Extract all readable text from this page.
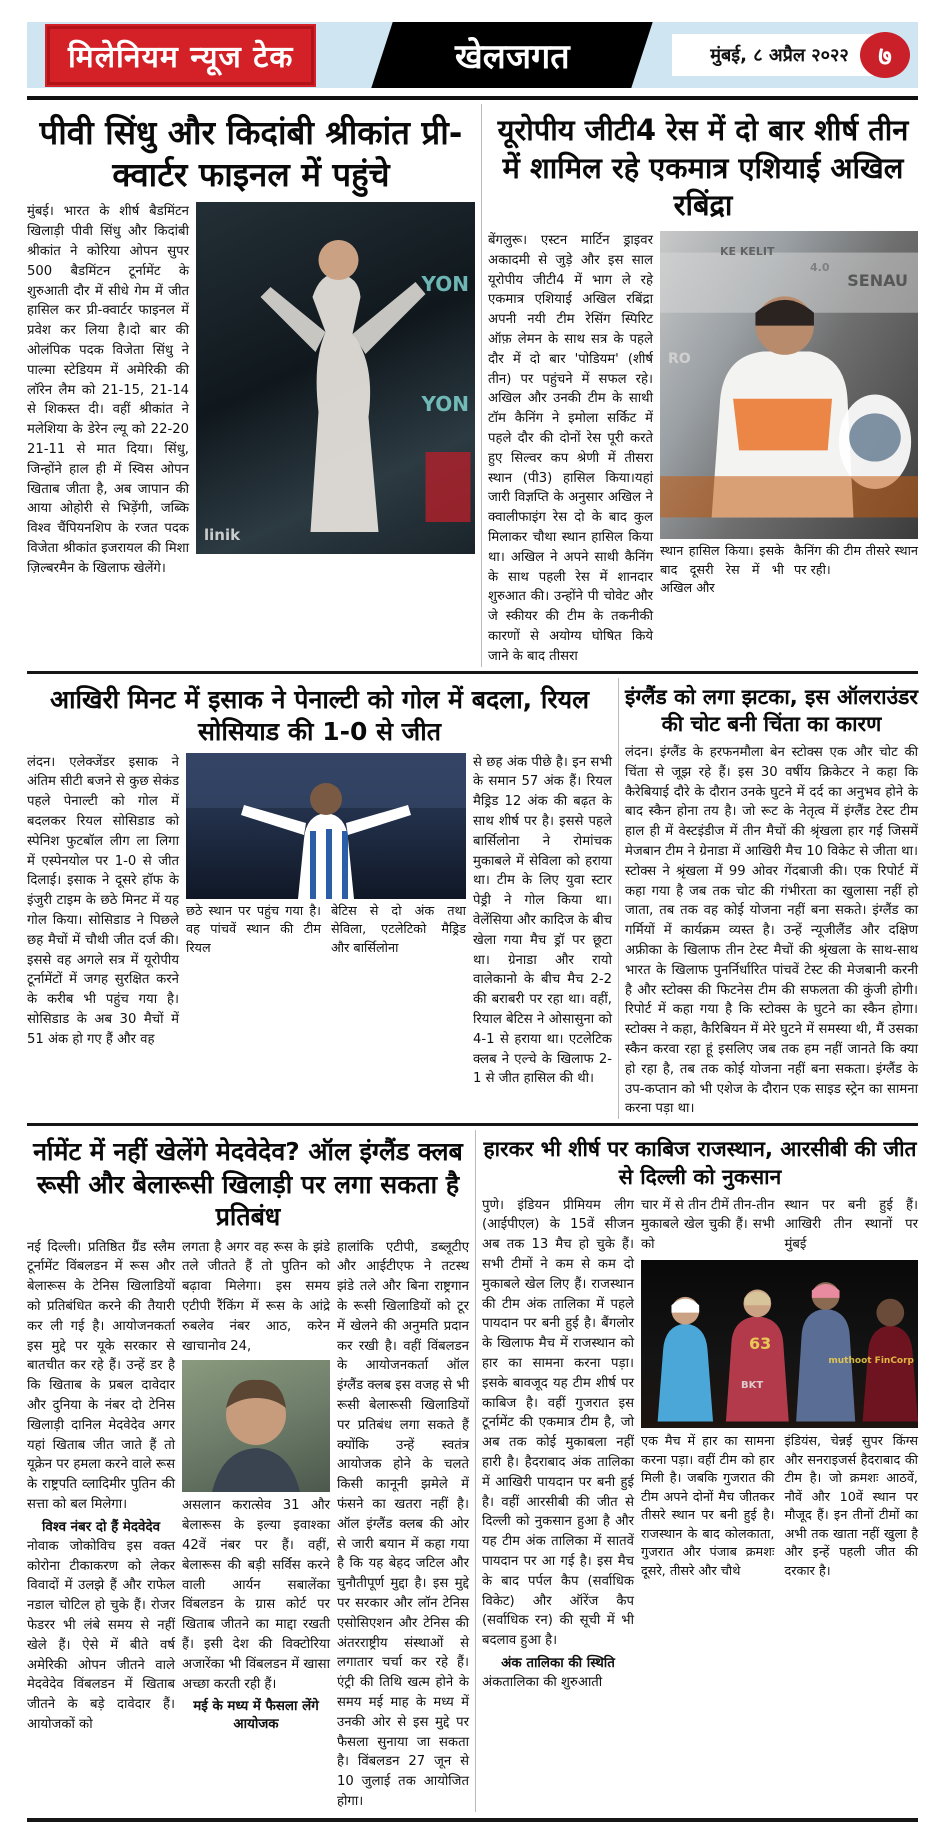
मिलेनियम न्यूज टेक	खेलजगत	मुंबई, ८ अप्रैल २०२२	७
पीवी सिंधु और किदांबी श्रीकांत प्री-क्वार्टर फाइनल में पहुंचे
मुंबई। भारत के शीर्ष बैडमिंटन खिलाड़ी पीवी सिंधु और किदांबी श्रीकांत ने कोरिया ओपन सुपर 500 बैडमिंटन टूर्नामेंट के शुरुआती दौर में सीधे गेम में जीत हासिल कर प्री-क्वार्टर फाइनल में प्रवेश कर लिया है।दो बार की ओलंपिक पदक विजेता सिंधु ने पाल्मा स्टेडियम में अमेरिकी की लॉरेन लैम को 21-15, 21-14 से शिकस्त दी। वहीं श्रीकांत ने मलेशिया के डेरेन ल्यू को 22-20 21-11 से मात दिया। सिंधु, जिन्होंने हाल ही में स्विस ओपन खिताब जीता है, अब जापान की आया ओहोरी से भिड़ेंगी, जब्कि विश्व चैंपियनशिप के रजत पदक विजेता श्रीकांत इजरायल की मिशा ज़िल्बरमैन के खिलाफ खेलेंगे।
YON
YON
linik
यूरोपीय जीटी4 रेस में दो बार शीर्ष तीन में शामिल रहे एकमात्र एशियाई अखिल रबिंद्रा
बेंगलुरू। एस्टन मार्टिन ड्राइवर अकादमी से जुड़े और इस साल यूरोपीय जीटी4 में भाग ले रहे एकमात्र एशियाई अखिल रबिंद्रा अपनी नयी टीम रेसिंग स्पिरिट ऑफ़ लेमन के साथ सत्र के पहले दौर में दो बार 'पोडियम' (शीर्ष तीन) पर पहुंचने में सफल रहे। अखिल और उनकी टीम के साथी टॉम कैनिंग ने इमोला सर्किट में पहले दौर की दोनों रेस पूरी करते हुए सिल्वर कप श्रेणी में तीसरा स्थान (पी3) हासिल किया।यहां जारी विज्ञप्ति के अनुसार अखिल ने क्वालीफाइंग रेस दो के बाद कुल मिलाकर चौथा स्थान हासिल किया था। अखिल ने अपने साथी कैनिंग के साथ पहली रेस में शानदार शुरुआत की। उन्होंने पी चोवेट और जे स्कीयर की टीम के तकनीकी कारणों से अयोग्य घोषित किये जाने के बाद तीसरा
SENAU
KE KELIT
4.0
RO
स्थान हासिल किया। इसके बाद दूसरी रेस में भी अखिल और
कैनिंग की टीम तीसरे स्थान पर रही।
आखिरी मिनट में इसाक ने पेनाल्टी को गोल में बदला, रियल सोसियाड की 1-0 से जीत
लंदन। एलेक्जेंडर इसाक ने अंतिम सीटी बजने से कुछ सेकंड पहले पेनाल्टी को गोल में बदलकर रियल सोसिडाड को स्पेनिश फुटबॉल लीग ला लिगा में एस्पेनयोल पर 1-0 से जीत दिलाई। इसाक ने दूसरे हॉफ के इंजुरी टाइम के छठे मिनट में यह गोल किया। सोसिडाड ने पिछले छह मैचों में चौथी जीत दर्ज की। इससे वह अगले सत्र में यूरोपीय टूर्नामेंटों में जगह सुरक्षित करने के करीब भी पहुंच गया है। सोसिडाड के अब 30 मैचों में 51 अंक हो गए हैं और वह
छठे स्थान पर पहुंच गया है। वह पांचवें स्थान की टीम रियल
बेटिस से दो अंक तथा सेविला, एटलेटिको मैड्रिड और बार्सिलोना
से छह अंक पीछे है। इन सभी के समान 57 अंक हैं। रियल मैड्रिड 12 अंक की बढ़त के साथ शीर्ष पर है। इससे पहले बार्सिलोना ने रोमांचक मुकाबले में सेविला को हराया था। टीम के लिए युवा स्टार पेड्री ने गोल किया था। वेलेंसिया और कादिज के बीच खेला गया मैच ड्रॉ पर छूटा था। ग्रेनाडा और रायो वालेकानो के बीच मैच 2-2 की बराबरी पर रहा था। वहीं, रियाल बेटिस ने ओसासुना को 4-1 से हराया था। एटलेटिक क्लब ने एल्चे के खिलाफ 2-1 से जीत हासिल की थी।
इंग्लैंड को लगा झटका, इस ऑलराउंडर की चोट बनी चिंता का कारण
लंदन। इंग्लैंड के हरफनमौला बेन स्टोक्स एक और चोट की चिंता से जूझ रहे हैं। इस 30 वर्षीय क्रिकेटर ने कहा कि कैरेबियाई दौरे के दौरान उनके घुटने में दर्द का अनुभव होने के बाद स्कैन होना तय है। जो रूट के नेतृत्व में इंग्लैंड टेस्ट टीम हाल ही में वेस्टइंडीज में तीन मैचों की श्रृंखला हार गई जिसमें मेजबान टीम ने ग्रेनाडा में आखिरी मैच 10 विकेट से जीता था। स्टोक्स ने श्रृंखला में 99 ओवर गेंदबाजी की। एक रिपोर्ट में कहा गया है जब तक चोट की गंभीरता का खुलासा नहीं हो जाता, तब तक वह कोई योजना नहीं बना सकते। इंग्लैंड का गर्मियों में कार्यक्रम व्यस्त है। उन्हें न्यूजीलैंड और दक्षिण अफ्रीका के खिलाफ तीन टेस्ट मैचों की श्रृंखला के साथ-साथ भारत के खिलाफ पुनर्निर्धारित पांचवें टेस्ट की मेजबानी करनी है और स्टोक्स की फिटनेस टीम की सफलता की कुंजी होगी। रिपोर्ट में कहा गया है कि स्टोक्स के घुटने का स्कैन होगा। स्टोक्स ने कहा, कैरिबियन में मेरे घुटने में समस्या थी, मैं उसका स्कैन करवा रहा हूं इसलिए जब तक हम नहीं जानते कि क्या हो रहा है, तब तक कोई योजना नहीं बना सकता। इंग्लैंड के उप-कप्तान को भी एशेज के दौरान एक साइड स्ट्रेन का सामना करना पड़ा था।
र्नामेंट में नहीं खेलेंगे मेदवेदेव? ऑल इंग्लैंड क्लब रूसी और बेलारूसी खिलाड़ी पर लगा सकता है प्रतिबंध
नई दिल्ली। प्रतिष्ठित ग्रैंड स्लैम टूर्नामेंट विंबलडन में रूस और बेलारूस के टेनिस खिलाडियों को प्रतिबंधित करने की तैयारी कर ली गई है। आयोजनकर्ता इस मुद्दे पर यूके सरकार से बातचीत कर रहे हैं। उन्हें डर है कि खिताब के प्रबल दावेदार और दुनिया के नंबर दो टेनिस खिलाड़ी दानिल मेदवेदेव अगर यहां खिताब जीत जाते हैं तो यूक्रेन पर हमला करने वाले रूस के राष्ट्रपति व्लादिमीर पुतिन की सत्ता को बल मिलेगा।
विश्व नंबर दो हैं मेदवेदेव
नोवाक जोकोविच इस वक्त कोरोना टीकाकरण को लेकर विवादों में उलझे हैं और राफेल नडाल चोटिल हो चुके हैं। रोजर फेडरर भी लंबे समय से नहीं खेले हैं। ऐसे में बीते वर्ष अमेरिकी ओपन जीतने वाले मेदवेदेव विंबलडन में खिताब जीतने के बड़े दावेदार हैं। आयोजकों को
लगता है अगर वह रूस के झंडे तले जीतते हैं तो पुतिन को बढ़ावा मिलेगा। इस समय एटीपी रैंकिंग में रूस के आंद्रे रुबलेव नंबर आठ, करेन खाचानोव 24,
असलान करात्सेव 31 और बेलारूस के इल्या इवाश्का 42वें नंबर पर हैं। वहीं, बेलारूस की बड़ी सर्विस करने वाली आर्यन सबालेंका विंबलडन के ग्रास कोर्ट पर खिताब जीतने का माद्दा रखती हैं। इसी देश की विक्टोरिया अजारेंका भी विंबलडन में खासा अच्छा करती रही हैं।
मई के मध्य में फैसला लेंगे आयोजक
हालांकि एटीपी, डब्लूटीए और आईटीएफ ने तटस्थ झंडे तले और बिना राष्ट्रगान के रूसी खिलाडियों को टूर में खेलने की अनुमति प्रदान कर रखी है। वहीं विंबलडन के आयोजनकर्ता ऑल इंग्लैंड क्लब इस वजह से भी रूसी बेलारूसी खिलाडियों पर प्रतिबंध लगा सकते हैं क्योंकि उन्हें स्वतंत्र आयोजक होने के चलते किसी कानूनी झमेले में फंसने का खतरा नहीं है। ऑल इंग्लैंड क्लब की ओर से जारी बयान में कहा गया है कि यह बेहद जटिल और चुनौतीपूर्ण मुद्दा है। इस मुद्दे पर सरकार और लॉन टेनिस एसोसिएशन और टेनिस की अंतरराष्ट्रीय संस्थाओं से लगातार चर्चा कर रहे हैं। एंट्री की तिथि खत्म होने के समय मई माह के मध्य में उनकी ओर से इस मुद्दे पर फैसला सुनाया जा सकता है। विंबलडन 27 जून से 10 जुलाई तक आयोजित होगा।
हारकर भी शीर्ष पर काबिज राजस्थान, आरसीबी की जीत से दिल्ली को नुकसान
पुणे। इंडियन प्रीमियम लीग (आईपीएल) के 15वें सीजन अब तक 13 मैच हो चुके हैं। सभी टीमों ने कम से कम दो मुकाबले खेल लिए हैं। राजस्थान की टीम अंक तालिका में पहले पायदान पर बनी हुई है। बैंगलोर के खिलाफ मैच में राजस्थान को हार का सामना करना पड़ा। इसके बावजूद यह टीम शीर्ष पर काबिज है। वहीं गुजरात इस टूर्नामेंट की एकमात्र टीम है, जो अब तक कोई मुकाबला नहीं हारी है। हैदराबाद अंक तालिका में आखिरी पायदान पर बनी हुई है। वहीं आरसीबी की जीत से दिल्ली को नुकसान हुआ है और यह टीम अंक तालिका में सातवें पायदान पर आ गई है। इस मैच के बाद पर्पल कैप (सर्वाधिक विकेट) और ऑरेंज कैप (सर्वाधिक रन) की सूची में भी बदलाव हुआ है।
अंक तालिका की स्थिति
अंकतालिका की शुरुआती
चार में से तीन टीमें तीन-तीन मुकाबले खेल चुकी हैं। सभी को
स्थान पर बनी हुई हैं। आखिरी तीन स्थानों पर मुंबई
63
BKT
muthoot FinCorp
एक मैच में हार का सामना करना पड़ा। वहीं टीम को हार मिली है। जबकि गुजरात की टीम अपने दोनों मैच जीतकर तीसरे स्थान पर बनी हुई है। राजस्थान के बाद कोलकाता, गुजरात और पंजाब क्रमशः दूसरे, तीसरे और चौथे
इंडियंस, चेन्नई सुपर किंग्स और सनराइजर्स हैदराबाद की टीम है। जो क्रमशः आठवें, नौवें और 10वें स्थान पर मौजूद हैं। इन तीनों टीमों का अभी तक खाता नहीं खुला है और इन्हें पहली जीत की दरकार है।
